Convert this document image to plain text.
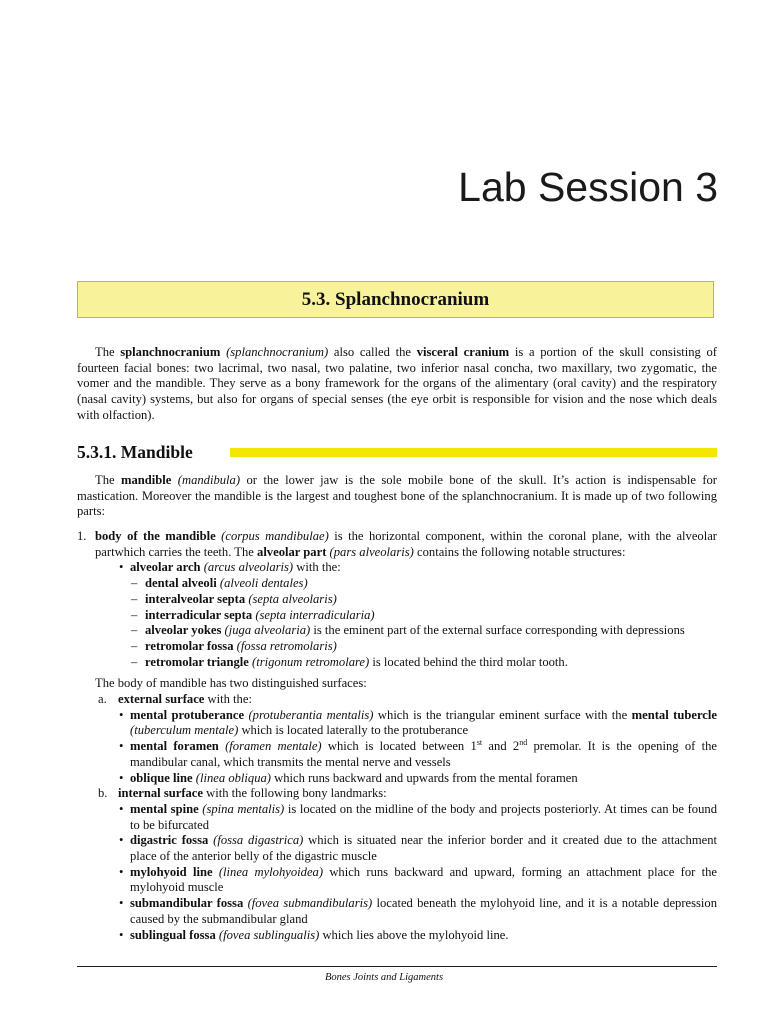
Lab Session 3
5.3. Splanchnocranium

The splanchnocranium (splanchnocranium) also called the visceral cranium is a portion of the skull consisting of fourteen facial bones: two lacrimal, two nasal, two palatine, two inferior nasal concha, two maxillary, two zygomatic, the vomer and the mandible. They serve as a bony framework for the organs of the alimentary (oral cavity) and the respiratory (nasal cavity) systems, but also for organs of special senses (the eye orbit is responsible for vision and the nose which deals with olfaction).

5.3.1. Mandible

The mandible (mandibula) or the lower jaw is the sole mobile bone of the skull. It’s action is indispensable for mastication. Moreover the mandible is the largest and toughest bone of the splanchnocranium. It is made up of two following parts:

1. body of the mandible (corpus mandibulae) is the horizontal component, within the coronal plane, with the alveolar partwhich carries the teeth. The alveolar part (pars alveolaris) contains the following notable structures:
• alveolar arch (arcus alveolaris) with the:
– dental alveoli (alveoli dentales)
– interalveolar septa (septa alveolaris)
– interradicular septa (septa interradicularia)
– alveolar yokes (juga alveolaria) is the eminent part of the external surface corresponding with depressions
– retromolar fossa (fossa retromolaris)
– retromolar triangle (trigonum retromolare) is located behind the third molar tooth.
The body of mandible has two distinguished surfaces:
a. external surface with the:
• mental protuberance (protuberantia mentalis) which is the triangular eminent surface with the mental tubercle (tuberculum mentale) which is located laterally to the protuberance
• mental foramen (foramen mentale) which is located between 1st and 2nd premolar. It is the opening of the mandibular canal, which transmits the mental nerve and vessels
• oblique line (linea obliqua) which runs backward and upwards from the mental foramen
b. internal surface with the following bony landmarks:
• mental spine (spina mentalis) is located on the midline of the body and projects posteriorly. At times can be found to be bifurcated
• digastric fossa (fossa digastrica) which is situated near the inferior border and it created due to the attachment place of the anterior belly of the digastric muscle
• mylohyoid line (linea mylohyoidea) which runs backward and upward, forming an attachment place for the mylohyoid muscle
• submandibular fossa (fovea submandibularis) located beneath the mylohyoid line, and it is a notable depression caused by the submandibular gland
• sublingual fossa (fovea sublingualis) which lies above the mylohyoid line.

Bones Joints and Ligaments
